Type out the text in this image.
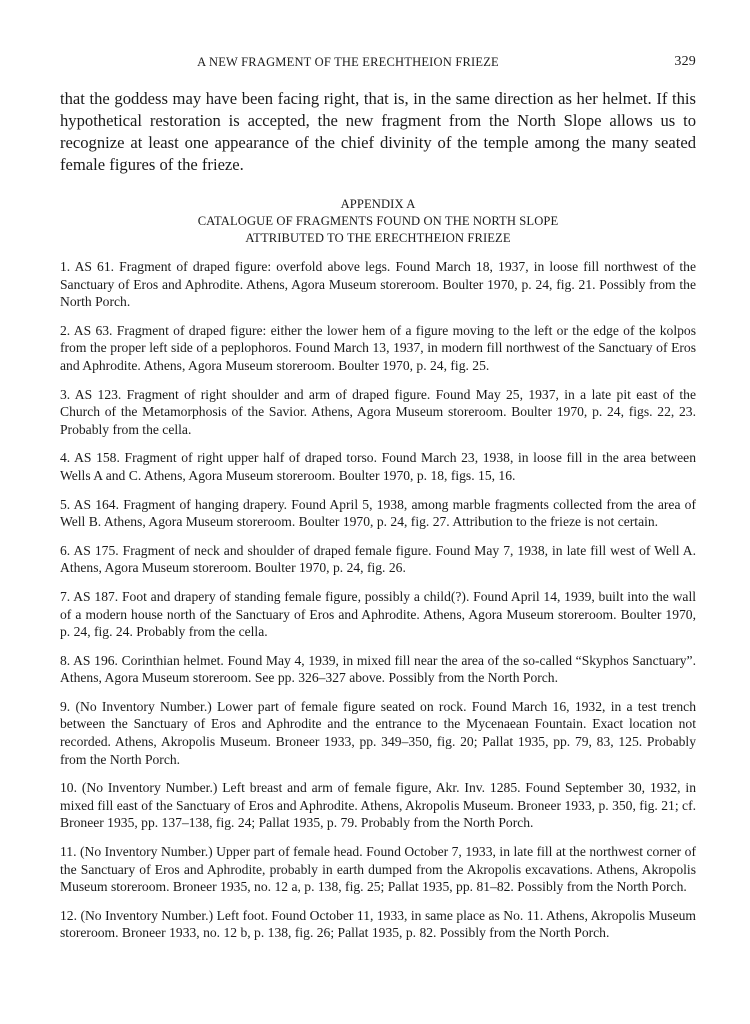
A NEW FRAGMENT OF THE ERECHTHEION FRIEZE	329

that the goddess may have been facing right, that is, in the same direction as her helmet. If this hypothetical restoration is accepted, the new fragment from the North Slope allows us to recognize at least one appearance of the chief divinity of the temple among the many seated female figures of the frieze.

APPENDIX A
CATALOGUE OF FRAGMENTS FOUND ON THE NORTH SLOPE
ATTRIBUTED TO THE ERECHTHEION FRIEZE

1. AS 61. Fragment of draped figure: overfold above legs. Found March 18, 1937, in loose fill northwest of the Sanctuary of Eros and Aphrodite. Athens, Agora Museum storeroom. Boulter 1970, p. 24, fig. 21. Possibly from the North Porch.

2. AS 63. Fragment of draped figure: either the lower hem of a figure moving to the left or the edge of the kolpos from the proper left side of a peplophoros. Found March 13, 1937, in modern fill northwest of the Sanctuary of Eros and Aphrodite. Athens, Agora Museum storeroom. Boulter 1970, p. 24, fig. 25.

3. AS 123. Fragment of right shoulder and arm of draped figure. Found May 25, 1937, in a late pit east of the Church of the Metamorphosis of the Savior. Athens, Agora Museum storeroom. Boulter 1970, p. 24, figs. 22, 23. Probably from the cella.

4. AS 158. Fragment of right upper half of draped torso. Found March 23, 1938, in loose fill in the area between Wells A and C. Athens, Agora Museum storeroom. Boulter 1970, p. 18, figs. 15, 16.

5. AS 164. Fragment of hanging drapery. Found April 5, 1938, among marble fragments collected from the area of Well B. Athens, Agora Museum storeroom. Boulter 1970, p. 24, fig. 27. Attribution to the frieze is not certain.

6. AS 175. Fragment of neck and shoulder of draped female figure. Found May 7, 1938, in late fill west of Well A. Athens, Agora Museum storeroom. Boulter 1970, p. 24, fig. 26.

7. AS 187. Foot and drapery of standing female figure, possibly a child(?). Found April 14, 1939, built into the wall of a modern house north of the Sanctuary of Eros and Aphrodite. Athens, Agora Museum storeroom. Boulter 1970, p. 24, fig. 24. Probably from the cella.

8. AS 196. Corinthian helmet. Found May 4, 1939, in mixed fill near the area of the so-called “Skyphos Sanctuary”. Athens, Agora Museum storeroom. See pp. 326–327 above. Possibly from the North Porch.

9. (No Inventory Number.) Lower part of female figure seated on rock. Found March 16, 1932, in a test trench between the Sanctuary of Eros and Aphrodite and the entrance to the Mycenaean Fountain. Exact location not recorded. Athens, Akropolis Museum. Broneer 1933, pp. 349–350, fig. 20; Pallat 1935, pp. 79, 83, 125. Probably from the North Porch.

10. (No Inventory Number.) Left breast and arm of female figure, Akr. Inv. 1285. Found September 30, 1932, in mixed fill east of the Sanctuary of Eros and Aphrodite. Athens, Akropolis Museum. Broneer 1933, p. 350, fig. 21; cf. Broneer 1935, pp. 137–138, fig. 24; Pallat 1935, p. 79. Probably from the North Porch.

11. (No Inventory Number.) Upper part of female head. Found October 7, 1933, in late fill at the northwest corner of the Sanctuary of Eros and Aphrodite, probably in earth dumped from the Akropolis excavations. Athens, Akropolis Museum storeroom. Broneer 1935, no. 12 a, p. 138, fig. 25; Pallat 1935, pp. 81–82. Possibly from the North Porch.

12. (No Inventory Number.) Left foot. Found October 11, 1933, in same place as No. 11. Athens, Akropolis Museum storeroom. Broneer 1933, no. 12 b, p. 138, fig. 26; Pallat 1935, p. 82. Possibly from the North Porch.
